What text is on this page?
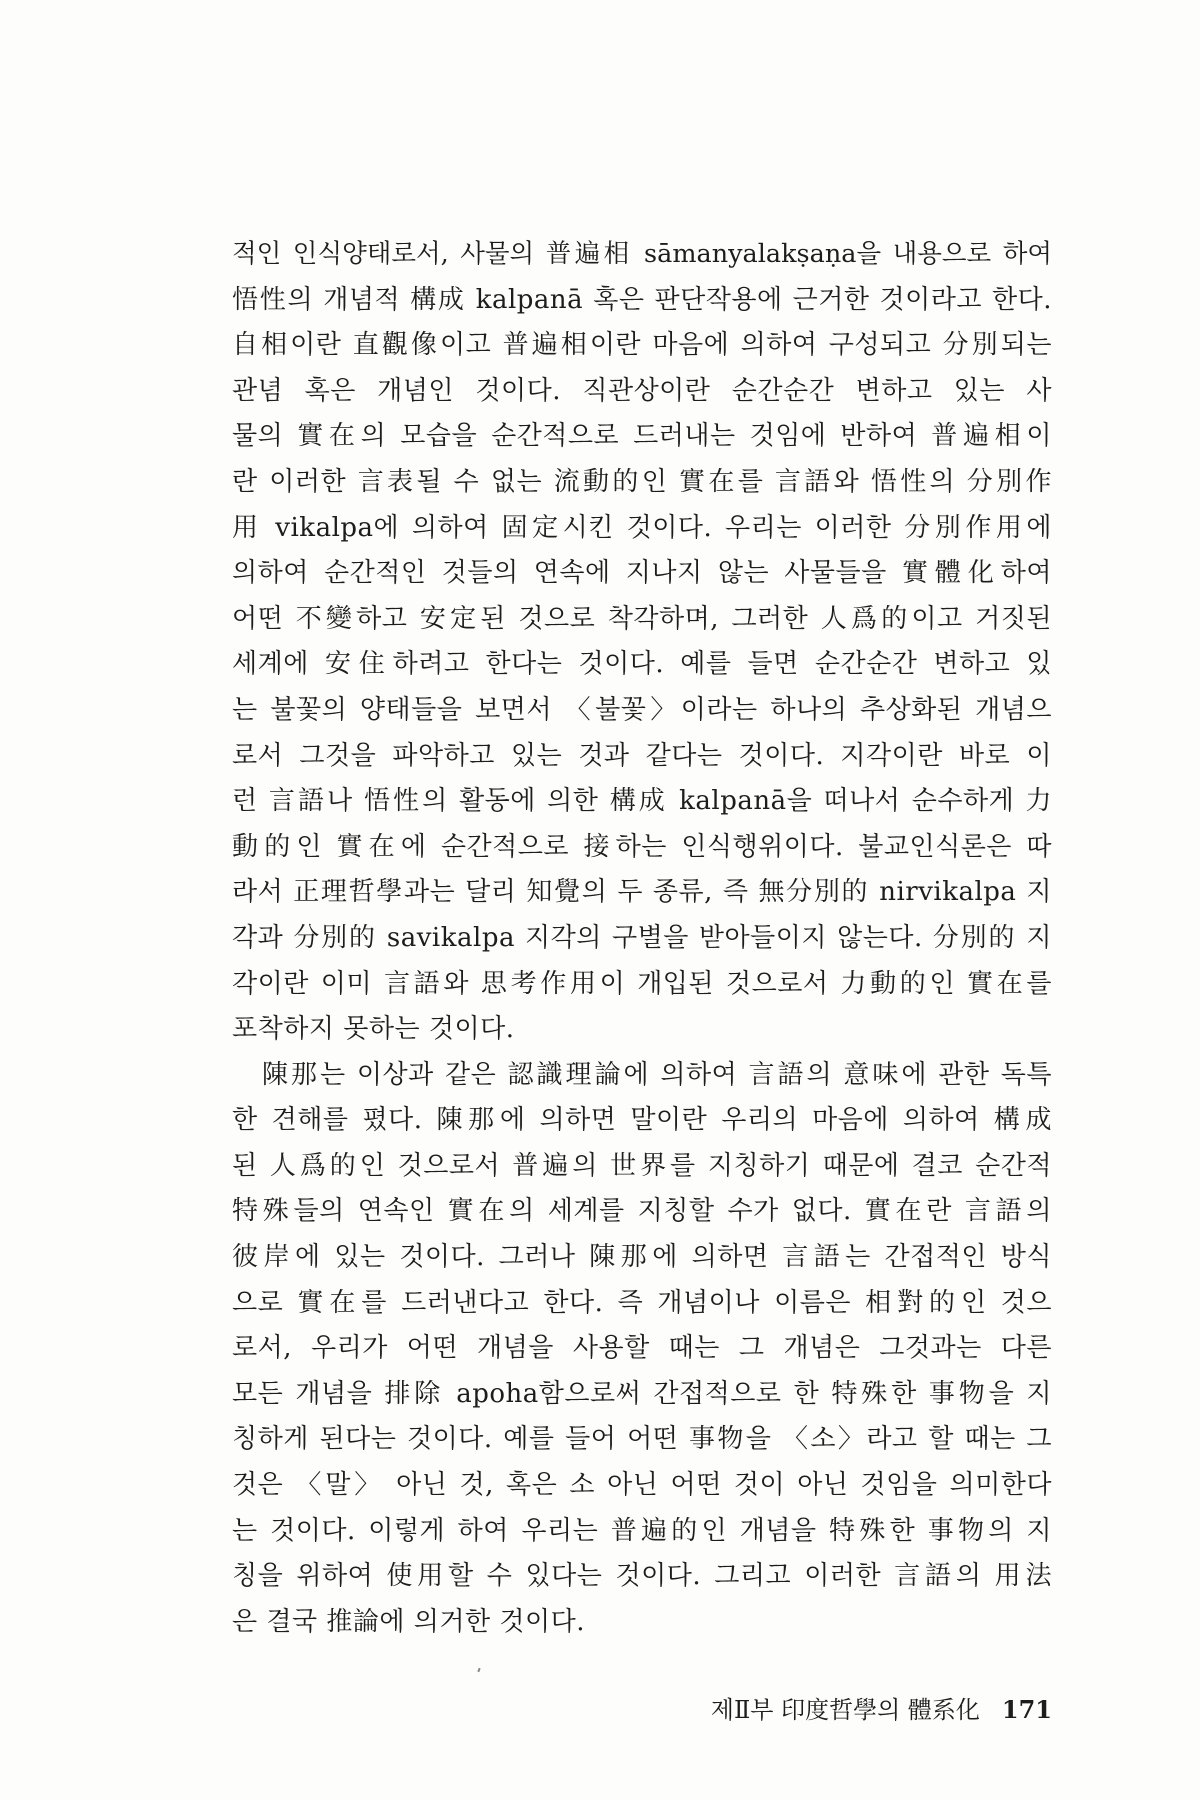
적인 인식양태로서, 사물의 普遍相 sāmanyalakṣaṇa을 내용으로 하여
悟性의 개념적 構成 kalpanā 혹은 판단작용에 근거한 것이라고 한다.
自相이란 直觀像이고 普遍相이란 마음에 의하여 구성되고 分別되는
관념 혹은 개념인 것이다. 직관상이란 순간순간 변하고 있는 사
물의 實在의 모습을 순간적으로 드러내는 것임에 반하여 普遍相이
란 이러한 言表될 수 없는 流動的인 實在를 言語와 悟性의 分別作
用 vikalpa에 의하여 固定시킨 것이다. 우리는 이러한 分別作用에
의하여 순간적인 것들의 연속에 지나지 않는 사물들을 實體化하여
어떤 不變하고 安定된 것으로 착각하며, 그러한 人爲的이고 거짓된
세계에 安住하려고 한다는 것이다. 예를 들면 순간순간 변하고 있
는 불꽃의 양태들을 보면서 〈불꽃〉이라는 하나의 추상화된 개념으
로서 그것을 파악하고 있는 것과 같다는 것이다. 지각이란 바로 이
런 言語나 悟性의 활동에 의한 構成 kalpanā을 떠나서 순수하게 力
動的인 實在에 순간적으로 接하는 인식행위이다. 불교인식론은 따
라서 正理哲學과는 달리 知覺의 두 종류, 즉 無分別的 nirvikalpa 지
각과 分別的 savikalpa 지각의 구별을 받아들이지 않는다. 分別的 지
각이란 이미 言語와 思考作用이 개입된 것으로서 力動的인 實在를
포착하지 못하는 것이다.
陳那는 이상과 같은 認識理論에 의하여 言語의 意味에 관한 독특
한 견해를 폈다. 陳那에 의하면 말이란 우리의 마음에 의하여 構成
된 人爲的인 것으로서 普遍의 世界를 지칭하기 때문에 결코 순간적
特殊들의 연속인 實在의 세계를 지칭할 수가 없다. 實在란 言語의
彼岸에 있는 것이다. 그러나 陳那에 의하면 言語는 간접적인 방식
으로 實在를 드러낸다고 한다. 즉 개념이나 이름은 相對的인 것으
로서, 우리가 어떤 개념을 사용할 때는 그 개념은 그것과는 다른
모든 개념을 排除 apoha함으로써 간접적으로 한 特殊한 事物을 지
칭하게 된다는 것이다. 예를 들어 어떤 事物을 〈소〉라고 할 때는 그
것은 〈말〉 아닌 것, 혹은 소 아닌 어떤 것이 아닌 것임을 의미한다
는 것이다. 이렇게 하여 우리는 普遍的인 개념을 特殊한 事物의 지
칭을 위하여 使用할 수 있다는 것이다. 그리고 이러한 言語의 用法
은 결국 推論에 의거한 것이다.
제Ⅱ부 印度哲學의 體系化 171
